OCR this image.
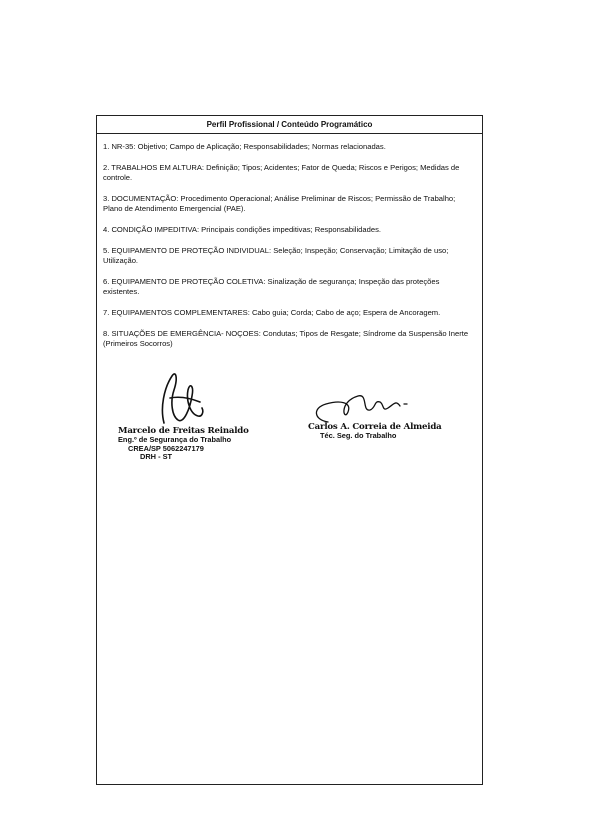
Perfil Profissional / Conteúdo Programático

1. NR-35: Objetivo; Campo de Aplicação; Responsabilidades; Normas relacionadas.

2. TRABALHOS EM ALTURA: Definição; Tipos; Acidentes; Fator de Queda; Riscos e Perigos; Medidas de controle.

3. DOCUMENTAÇÃO: Procedimento Operacional; Análise Preliminar de Riscos; Permissão de Trabalho; Plano de Atendimento Emergencial (PAE).

4. CONDIÇÃO IMPEDITIVA: Principais condições impeditivas; Responsabilidades.

5. EQUIPAMENTO DE PROTEÇÃO INDIVIDUAL: Seleção; Inspeção; Conservação; Limitação de uso; Utilização.

6. EQUIPAMENTO DE PROTEÇÃO COLETIVA: Sinalização de segurança; Inspeção das proteções existentes.

7. EQUIPAMENTOS COMPLEMENTARES: Cabo guia; Corda; Cabo de aço; Espera de Ancoragem.

8. SITUAÇÕES DE EMERGÊNCIA- NOÇOES: Condutas; Tipos de Resgate; Síndrome da Suspensão Inerte (Primeiros Socorros)

Marcelo de Freitas Reinaldo
Eng.º de Segurança do Trabalho
CREA/SP 5062247179
DRH - ST
Carlos A. Correia de Almeida
Téc. Seg. do Trabalho
